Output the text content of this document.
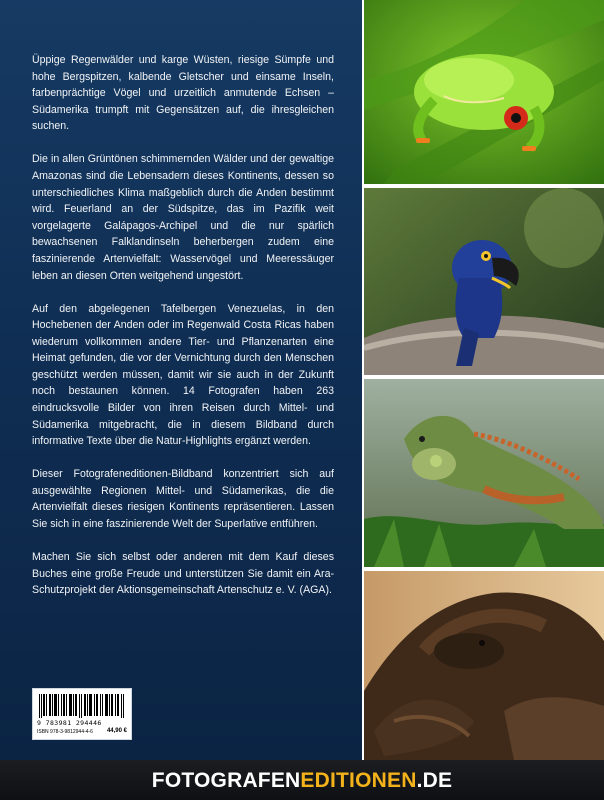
Üppige Regenwälder und karge Wüsten, riesige Sümpfe und hohe Bergspitzen, kalbende Gletscher und einsame Inseln, farbenprächtige Vögel und urzeitlich anmutende Echsen – Südamerika trumpft mit Gegensätzen auf, die ihresgleichen suchen.

Die in allen Grüntönen schimmernden Wälder und der gewaltige Amazonas sind die Lebensadern dieses Kontinents, dessen so unterschiedliches Klima maßgeblich durch die Anden bestimmt wird. Feuerland an der Südspitze, das im Pazifik weit vorgelagerte Galápagos-Archipel und die nur spärlich bewachsenen Falklandinseln beherbergen zudem eine faszinierende Artenvielfalt: Wasservögel und Meeressäuger leben an diesen Orten weitgehend ungestört.

Auf den abgelegenen Tafelbergen Venezuelas, in den Hochebenen der Anden oder im Regenwald Costa Ricas haben wiederum vollkommen andere Tier- und Pflanzenarten eine Heimat gefunden, die vor der Vernichtung durch den Menschen geschützt werden müssen, damit wir sie auch in der Zukunft noch bestaunen können. 14 Fotografen haben 263 eindrucksvolle Bilder von ihren Reisen durch Mittel- und Südamerika mitgebracht, die in diesem Bildband durch informative Texte über die Natur-Highlights ergänzt werden.

Dieser Fotografeneditionen-Bildband konzentriert sich auf ausgewählte Regionen Mittel- und Südamerikas, die die Artenvielfalt dieses riesigen Kontinents repräsentieren. Lassen Sie sich in eine faszinierende Welt der Superlative entführen.

Machen Sie sich selbst oder anderen mit dem Kauf dieses Buches eine große Freude und unterstützen Sie damit ein Ara-Schutzprojekt der Aktionsgemeinschaft Artenschutz e. V. (AGA).

9 783981 294446
ISBN 978-3-9812944-4-6 44,90 €
FOTOGRAFENEDITIONEN.DE
